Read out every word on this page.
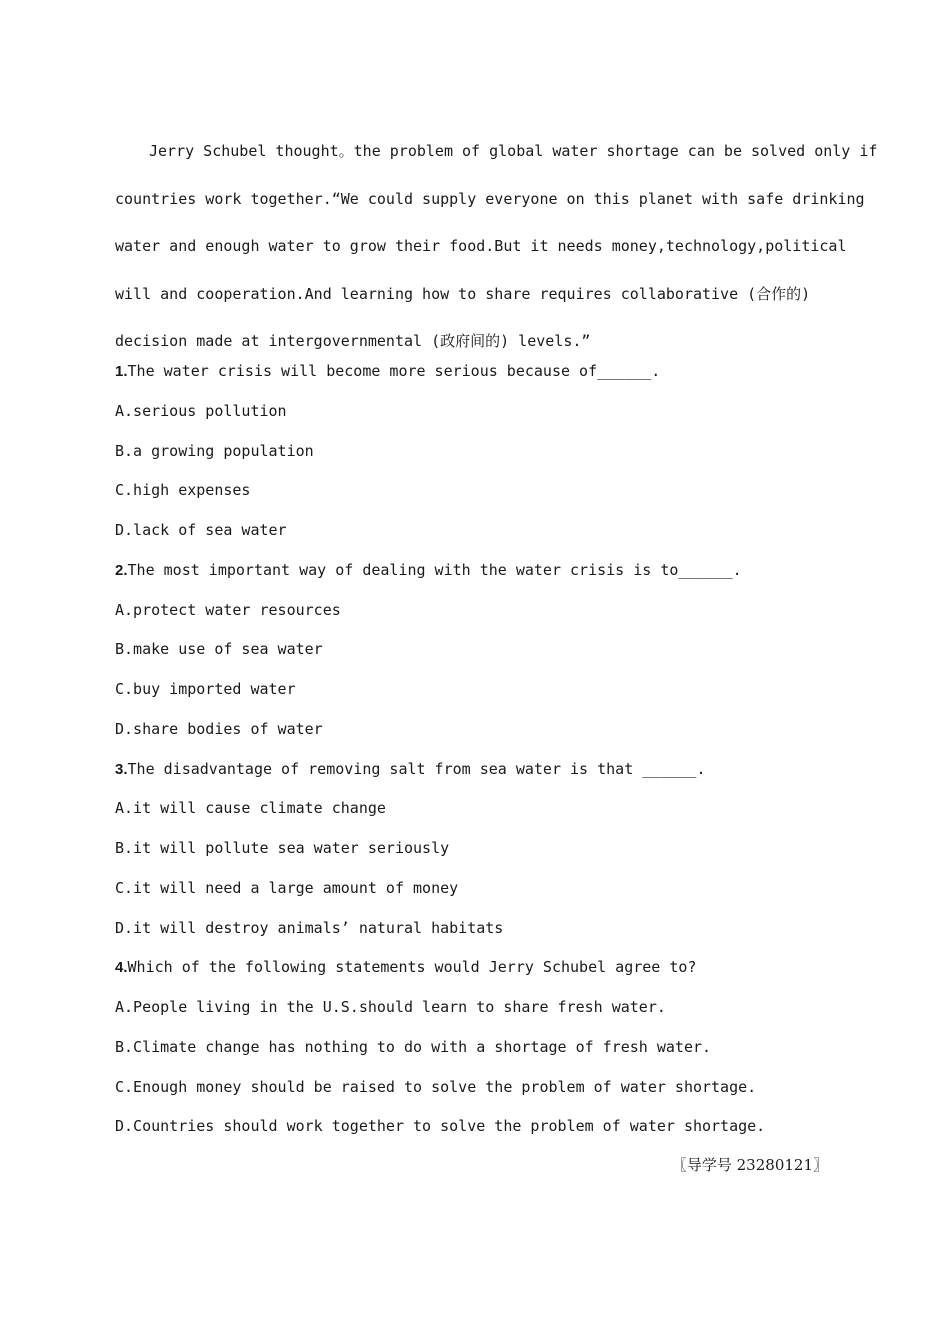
Jerry Schubel thought。the problem of global water shortage can be solved only if
countries work together.“We could supply everyone on this planet with safe drinking
water and enough water to grow their food.But it needs money,technology,political
will and cooperation.And learning how to share requires collaborative (合作的)
decision made at intergovernmental (政府间的) levels.”
1.The water crisis will become more serious because of______.
A.serious pollution
B.a growing population
C.high expenses
D.lack of sea water
2.The most important way of dealing with the water crisis is to______.
A.protect water resources
B.make use of sea water
C.buy imported water
D.share bodies of water
3.The disadvantage of removing salt from sea water is that ______.
A.it will cause climate change
B.it will pollute sea water seriously
C.it will need a large amount of money
D.it will destroy animals’ natural habitats
4.Which of the following statements would Jerry Schubel agree to?
A.People living in the U.S.should learn to share fresh water.
B.Climate change has nothing to do with a shortage of fresh water.
C.Enough money should be raised to solve the problem of water shortage.
D.Countries should work together to solve the problem of water shortage.
〖导学号 23280121〗
